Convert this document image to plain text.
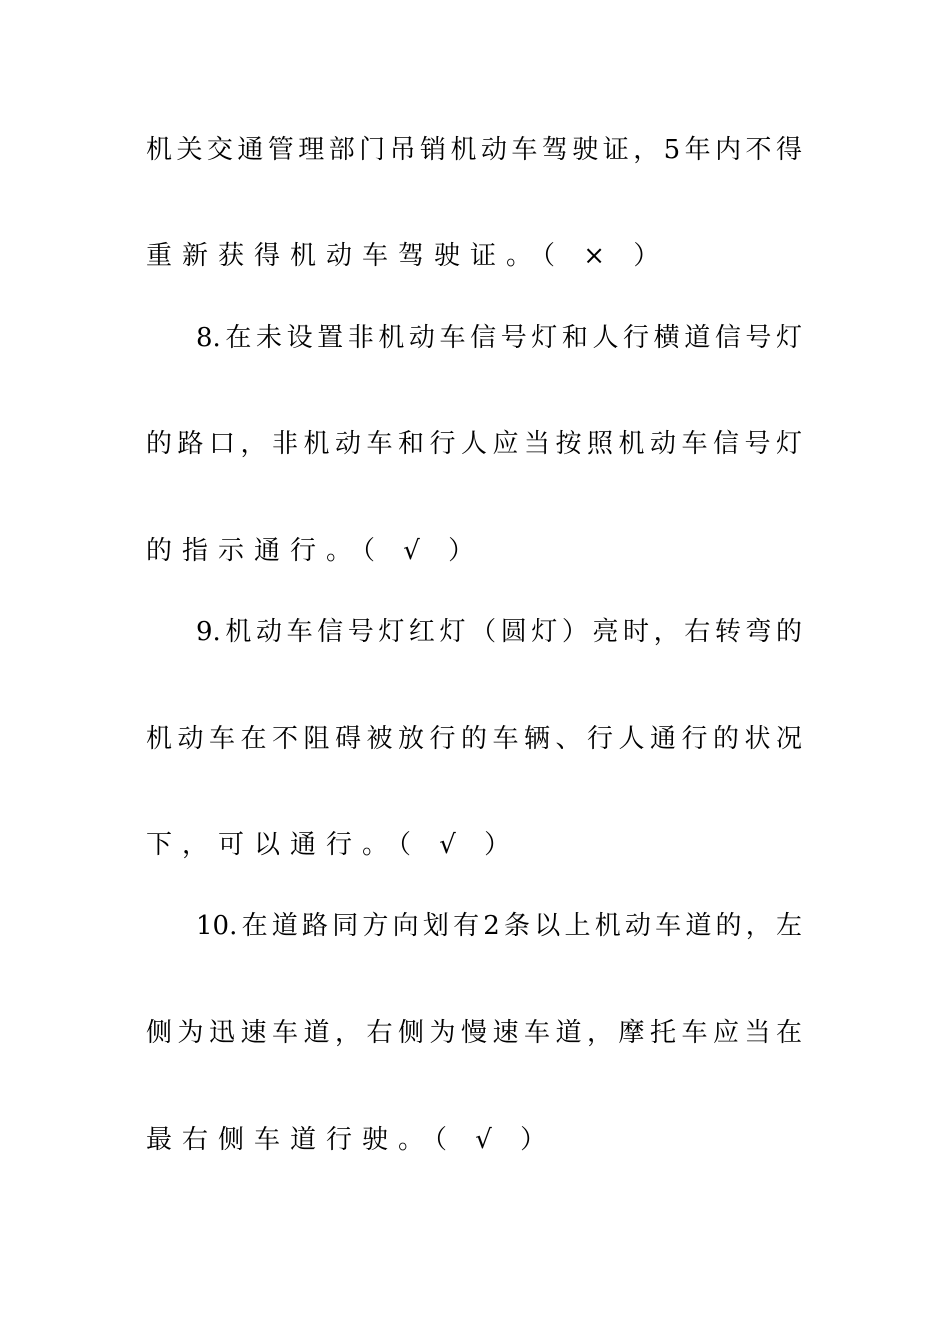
机关交通管理部门吊销机动车驾驶证，5年内不得
重新获得机动车驾驶证。（ × ）
8.在未设置非机动车信号灯和人行横道信号灯
的路口，非机动车和行人应当按照机动车信号灯
的指示通行。（ √ ）
9.机动车信号灯红灯（圆灯）亮时，右转弯的
机动车在不阻碍被放行的车辆、行人通行的状况
下，可以通行。（ √ ）
10.在道路同方向划有2条以上机动车道的，左
侧为迅速车道，右侧为慢速车道，摩托车应当在
最右侧车道行驶。（ √ ）
